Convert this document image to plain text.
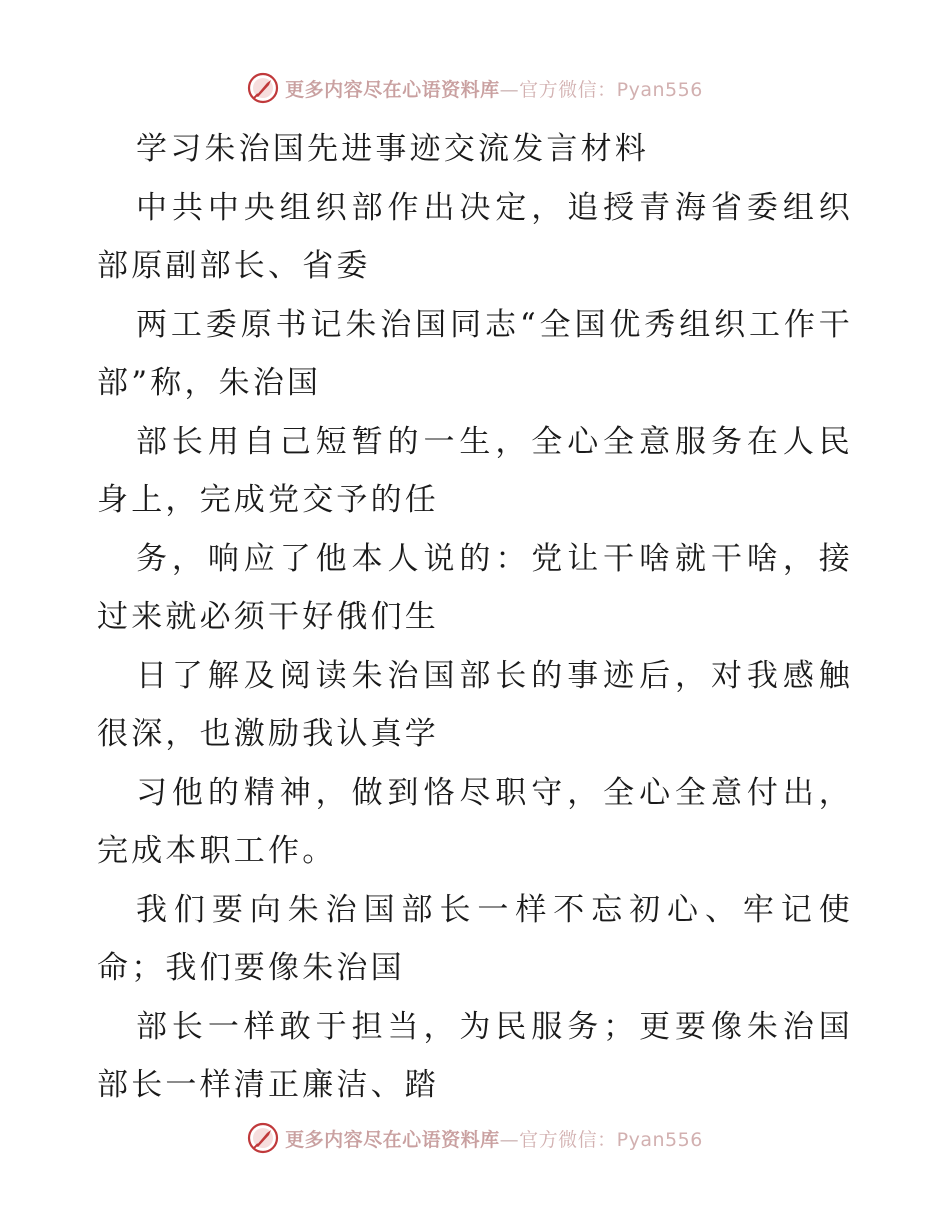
更多内容尽在心语资料库—官方微信：Pyan556

学习朱治国先进事迹交流发言材料

中共中央组织部作出决定，追授青海省委组织部原副部长、省委

两工委原书记朱治国同志“全国优秀组织工作干部”称，朱治国

部长用自己短暂的一生，全心全意服务在人民身上，完成党交予的任

务，响应了他本人说的：党让干啥就干啥，接过来就必须干好俄们生

日了解及阅读朱治国部长的事迹后，对我感触很深，也激励我认真学

习他的精神，做到恪尽职守，全心全意付出，完成本职工作。

我们要向朱治国部长一样不忘初心、牢记使命；我们要像朱治国

部长一样敢于担当，为民服务；更要像朱治国部长一样清正廉洁、踏

更多内容尽在心语资料库—官方微信：Pyan556
